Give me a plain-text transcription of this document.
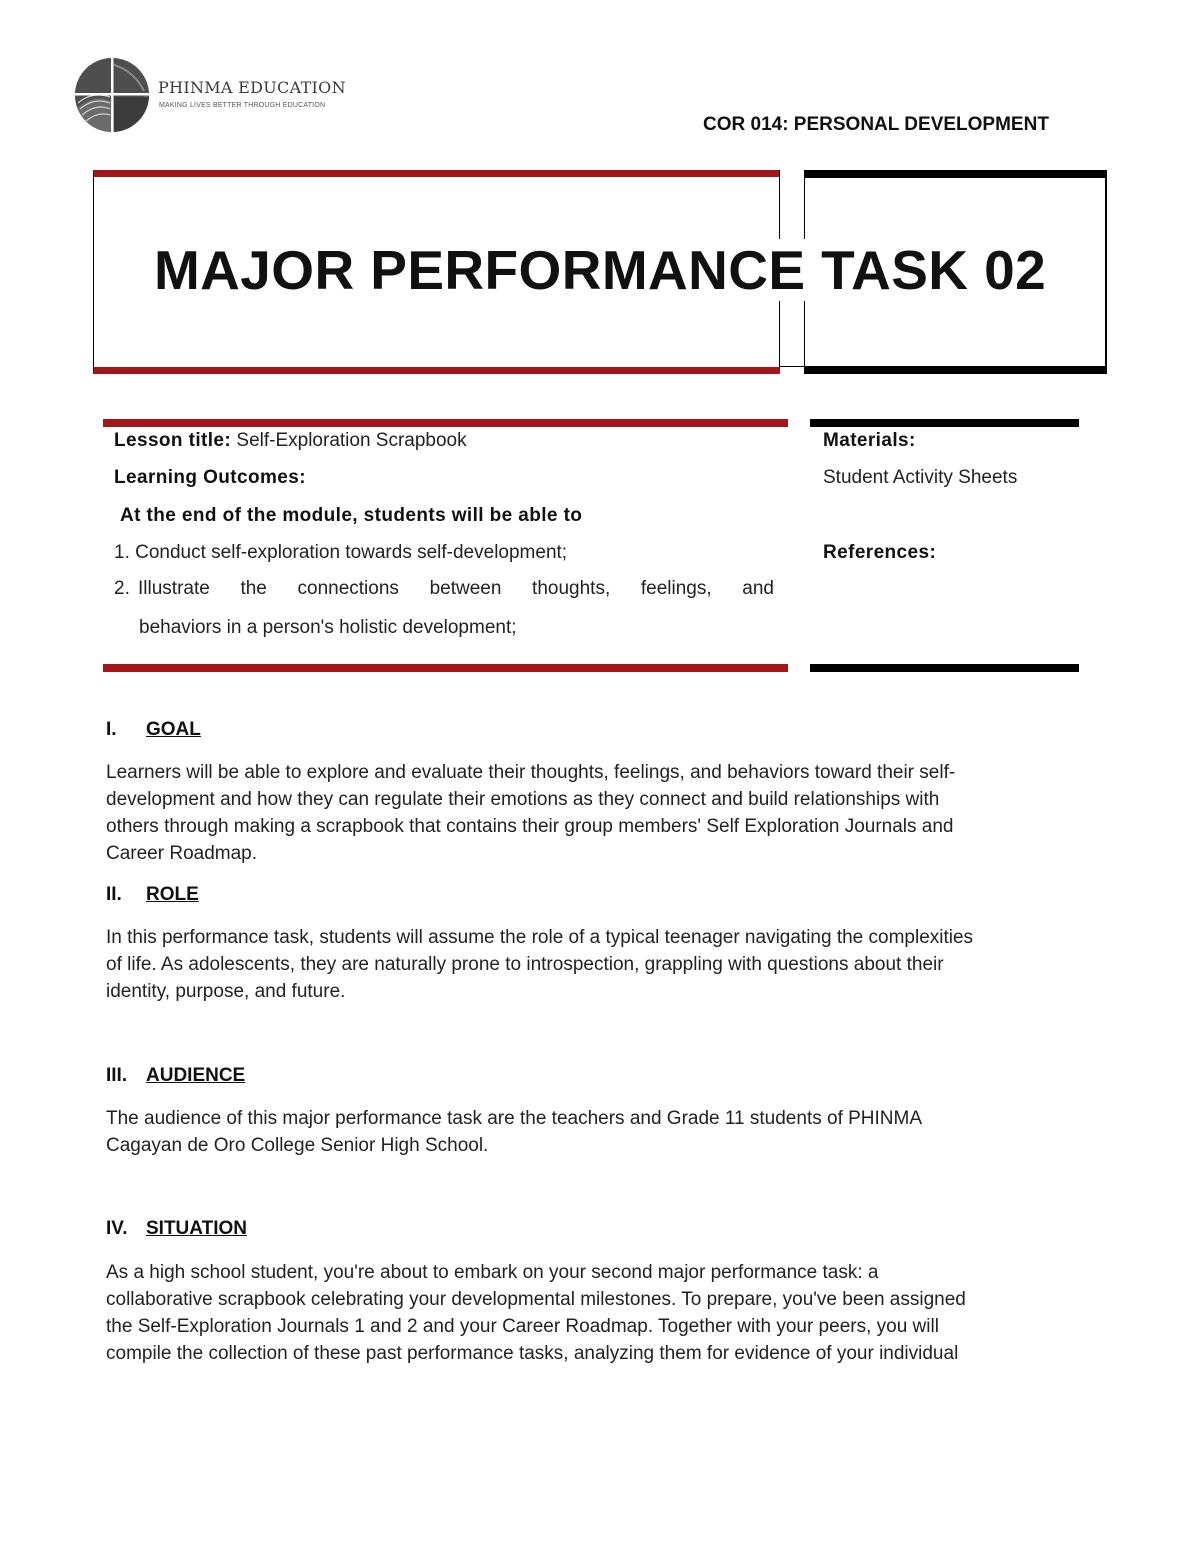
PHINMA EDUCATION
MAKING LIVES BETTER THROUGH EDUCATION
COR 014: PERSONAL DEVELOPMENT
MAJOR PERFORMANCE TASK 02
Lesson title: Self-Exploration Scrapbook
Learning Outcomes:
At the end of the module, students will be able to
1. Conduct self-exploration towards self-development;
2. Illustrate the connections between thoughts, feelings, and
behaviors in a person's holistic development;
Materials:
Student Activity Sheets
References:
I. GOAL
Learners will be able to explore and evaluate their thoughts, feelings, and behaviors toward their self-
development and how they can regulate their emotions as they connect and build relationships with
others through making a scrapbook that contains their group members' Self Exploration Journals and
Career Roadmap.
II. ROLE
In this performance task, students will assume the role of a typical teenager navigating the complexities
of life. As adolescents, they are naturally prone to introspection, grappling with questions about their
identity, purpose, and future.
III. AUDIENCE
The audience of this major performance task are the teachers and Grade 11 students of PHINMA
Cagayan de Oro College Senior High School.
IV. SITUATION
As a high school student, you're about to embark on your second major performance task: a
collaborative scrapbook celebrating your developmental milestones. To prepare, you've been assigned
the Self-Exploration Journals 1 and 2 and your Career Roadmap. Together with your peers, you will
compile the collection of these past performance tasks, analyzing them for evidence of your individual
